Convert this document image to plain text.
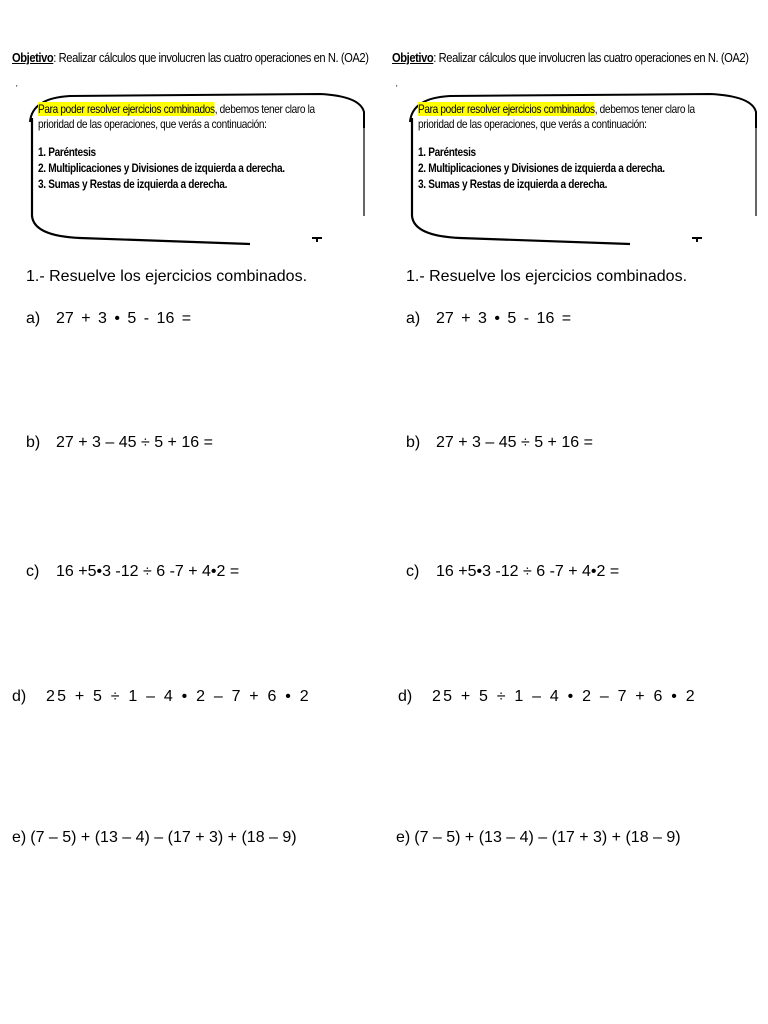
Objetivo: Realizar cálculos que involucren las cuatro operaciones en N. (OA2)
'
Para poder resolver ejercicios combinados, debemos tener claro la
prioridad de las operaciones, que verás a continuación:
1. Paréntesis
2. Multiplicaciones y Divisiones de izquierda a derecha.
3. Sumas y Restas de izquierda a derecha.
1.- Resuelve los ejercicios combinados.
a) 27 + 3 • 5 - 16 =
b) 27 + 3 – 45 ÷ 5 + 16 =
c) 16 +5•3 -12 ÷ 6 -7 + 4•2 =
d) 25 + 5 ÷ 1 – 4 • 2 – 7 + 6 • 2
e) (7 – 5) + (13 – 4) – (17 + 3) + (18 – 9)
Objetivo: Realizar cálculos que involucren las cuatro operaciones en N. (OA2)
'
Para poder resolver ejercicios combinados, debemos tener claro la
prioridad de las operaciones, que verás a continuación:
1. Paréntesis
2. Multiplicaciones y Divisiones de izquierda a derecha.
3. Sumas y Restas de izquierda a derecha.
1.- Resuelve los ejercicios combinados.
a) 27 + 3 • 5 - 16 =
b) 27 + 3 – 45 ÷ 5 + 16 =
c) 16 +5•3 -12 ÷ 6 -7 + 4•2 =
d) 25 + 5 ÷ 1 – 4 • 2 – 7 + 6 • 2
e) (7 – 5) + (13 – 4) – (17 + 3) + (18 – 9)
